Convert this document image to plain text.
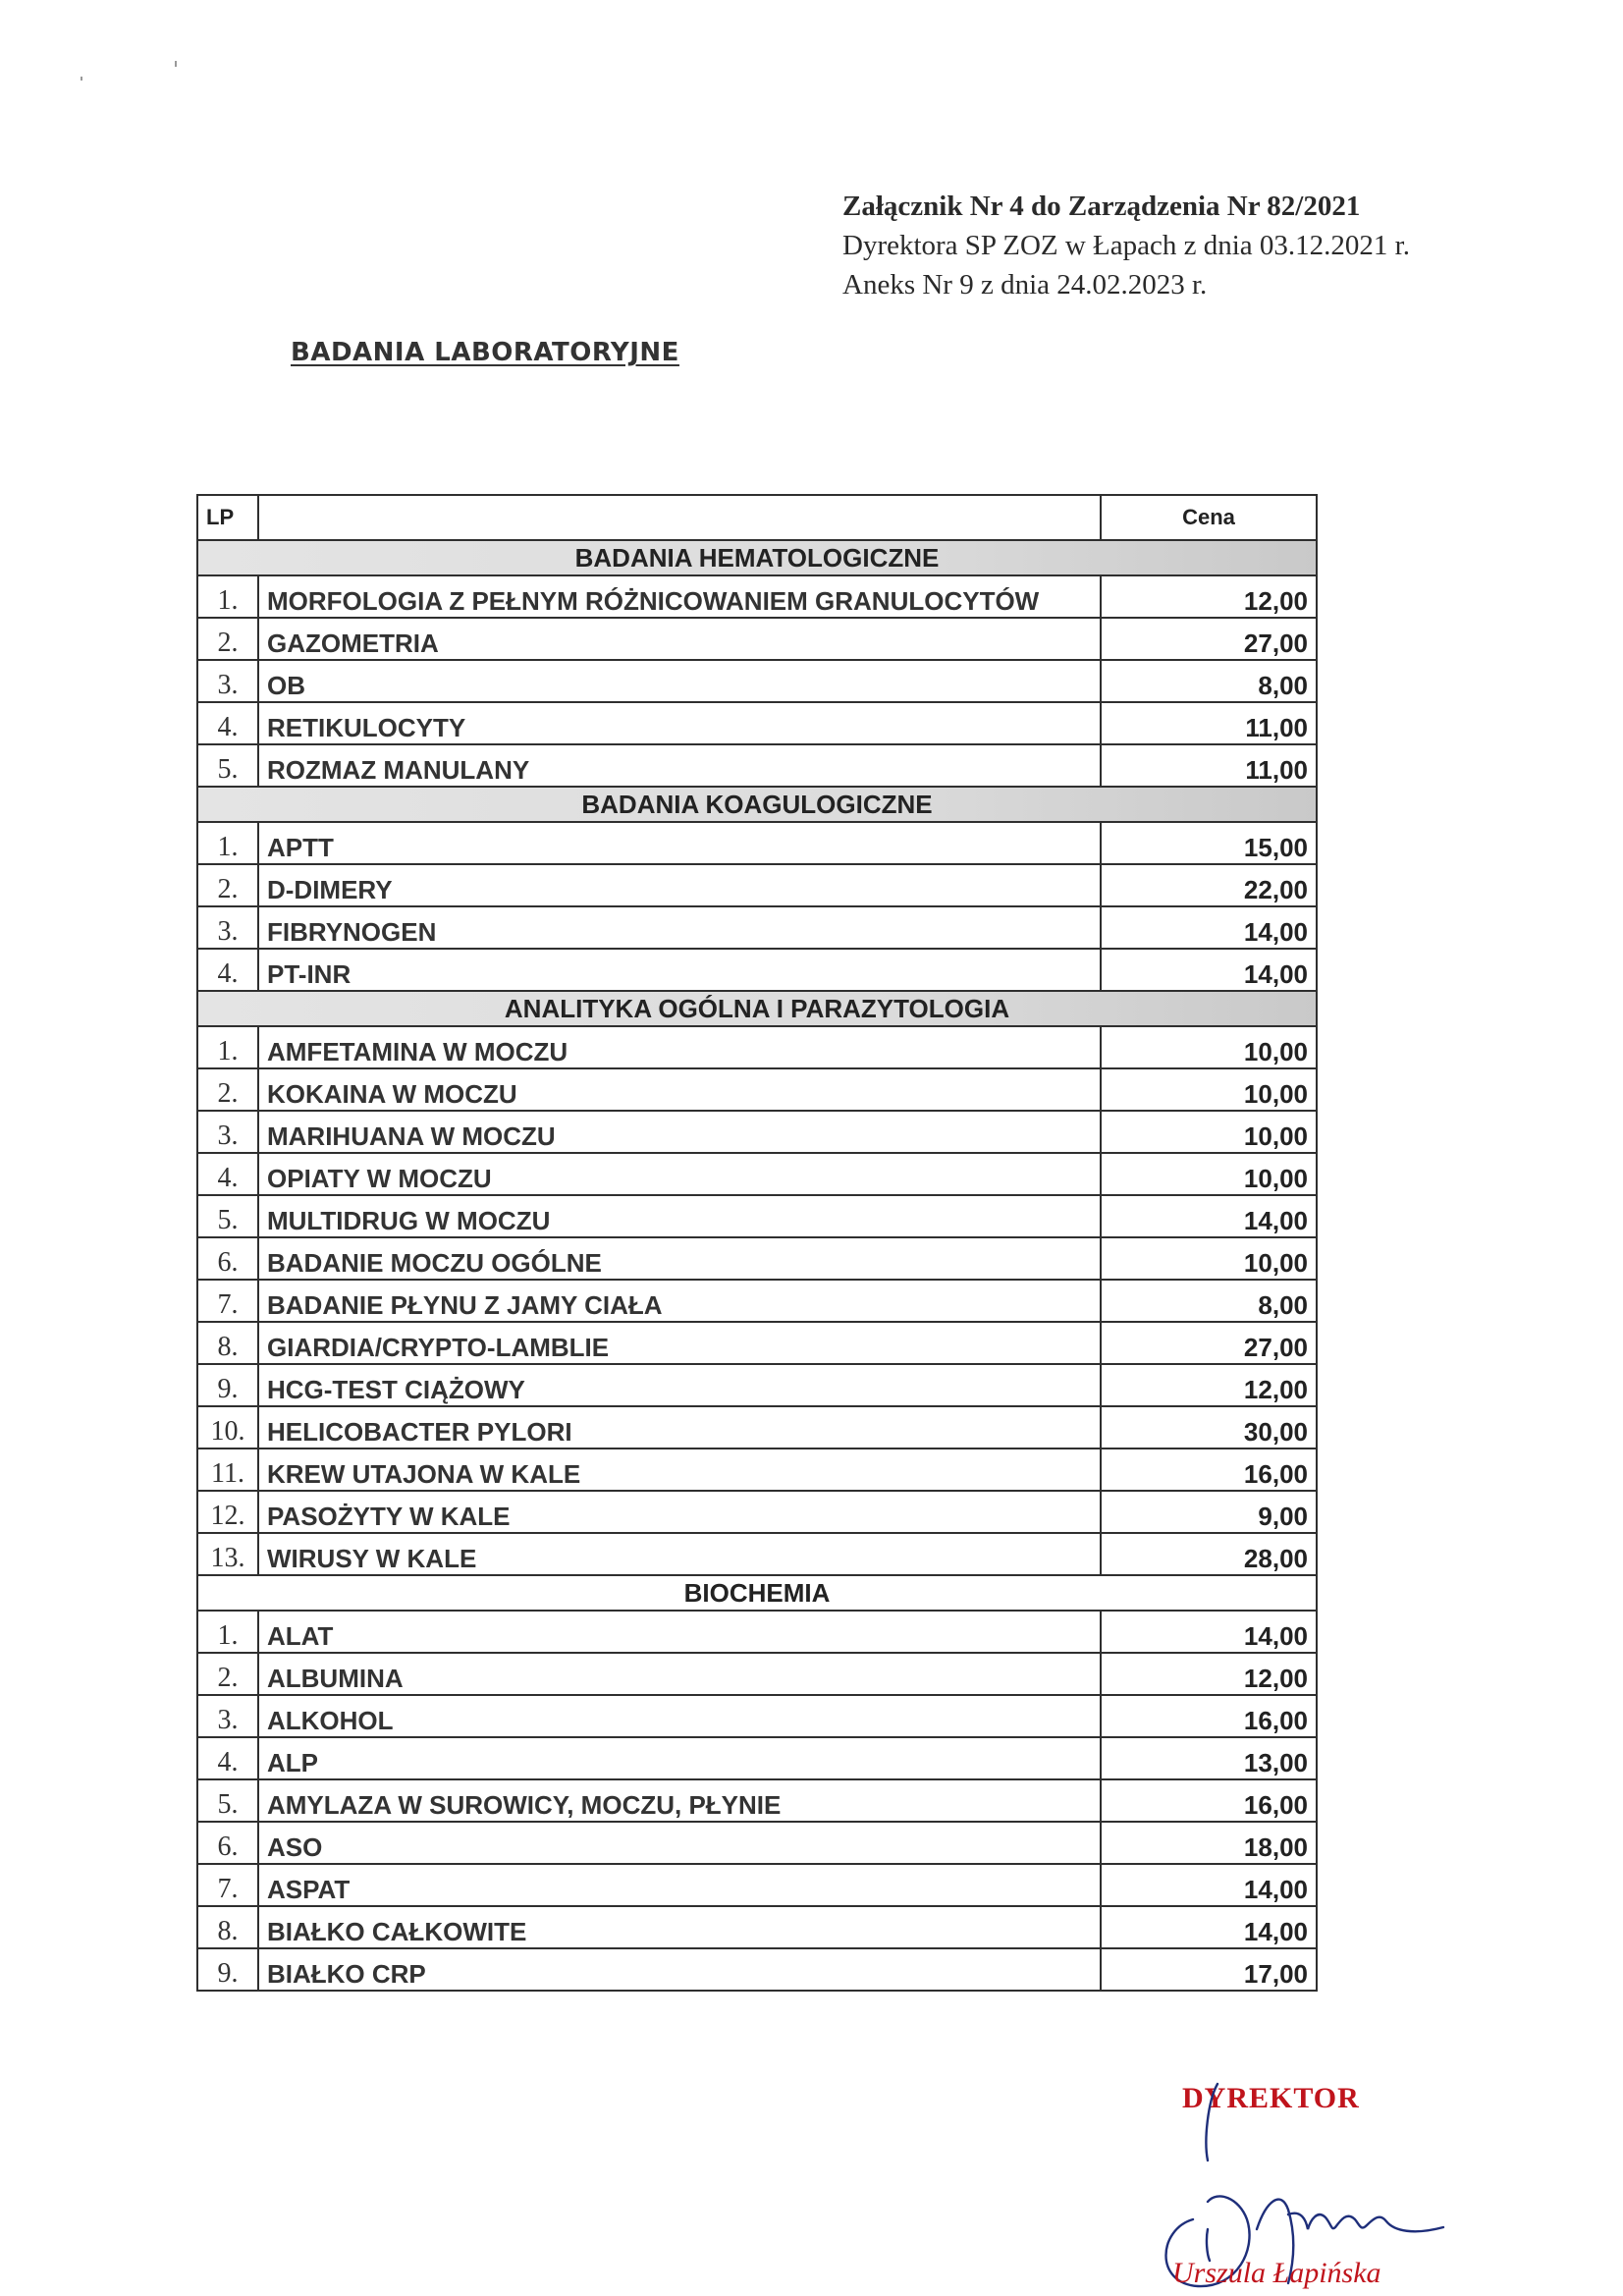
Załącznik Nr 4 do Zarządzenia Nr 82/2021
Dyrektora SP ZOZ w Łapach z dnia 03.12.2021 r.
Aneks Nr 9 z dnia 24.02.2023 r.
BADANIA LABORATORYJNE
LP		Cena
BADANIA HEMATOLOGICZNE		
1.	MORFOLOGIA Z PEŁNYM RÓŻNICOWANIEM GRANULOCYTÓW	12,00
2.	GAZOMETRIA	27,00
3.	OB	8,00
4.	RETIKULOCYTY	11,00
5.	ROZMAZ MANULANY	11,00
BADANIA KOAGULOGICZNE		
1.	APTT	15,00
2.	D-DIMERY	22,00
3.	FIBRYNOGEN	14,00
4.	PT-INR	14,00
ANALITYKA OGÓLNA I PARAZYTOLOGIA		
1.	AMFETAMINA W MOCZU	10,00
2.	KOKAINA W MOCZU	10,00
3.	MARIHUANA W MOCZU	10,00
4.	OPIATY W MOCZU	10,00
5.	MULTIDRUG W MOCZU	14,00
6.	BADANIE MOCZU OGÓLNE	10,00
7.	BADANIE PŁYNU Z JAMY CIAŁA	8,00
8.	GIARDIA/CRYPTO-LAMBLIE	27,00
9.	HCG-TEST CIĄŻOWY	12,00
10.	HELICOBACTER PYLORI	30,00
11.	KREW UTAJONA W KALE	16,00
12.	PASOŻYTY W KALE	9,00
13.	WIRUSY W KALE	28,00
BIOCHEMIA		
1.	ALAT	14,00
2.	ALBUMINA	12,00
3.	ALKOHOL	16,00
4.	ALP	13,00
5.	AMYLAZA W SUROWICY, MOCZU, PŁYNIE	16,00
6.	ASO	18,00
7.	ASPAT	14,00
8.	BIAŁKO CAŁKOWITE	14,00
9.	BIAŁKO CRP	17,00
DYREKTOR
Urszula Łapińska
